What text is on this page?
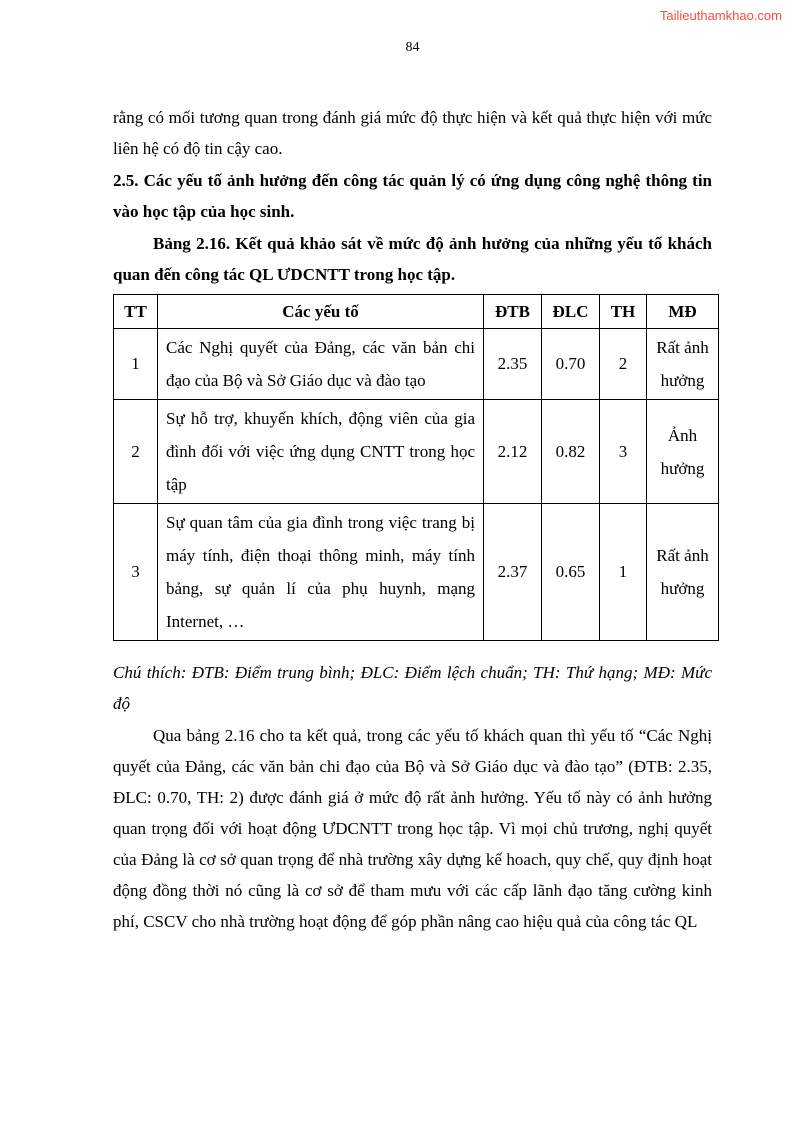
Tailieuthamkhao.com
84

rằng có mối tương quan trong đánh giá mức độ thực hiện và kết quả thực hiện với mức liên hệ có độ tin cậy cao.

2.5. Các yếu tố ảnh hưởng đến công tác quản lý có ứng dụng công nghệ thông tin vào học tập của học sinh.

Bảng 2.16. Kết quả khảo sát về mức độ ảnh hưởng của những yếu tố khách quan đến công tác QL ƯDCNTT trong học tập.

TT	Các yếu tố	ĐTB	ĐLC	TH	MĐ
1	Các Nghị quyết của Đảng, các văn bản chi đạo của Bộ và Sở Giáo dục và đào tạo	2.35	0.70	2	Rất ảnh hưởng
2	Sự hỗ trợ, khuyến khích, động viên của gia đình đối với việc ứng dụng CNTT trong học tập	2.12	0.82	3	Ảnh hưởng
3	Sự quan tâm của gia đình trong việc trang bị máy tính, điện thoại thông minh, máy tính bảng, sự quản lí của phụ huynh, mạng Internet, …	2.37	0.65	1	Rất ảnh hưởng

Chú thích: ĐTB: Điểm trung bình; ĐLC: Điểm lệch chuẩn; TH: Thứ hạng; MĐ: Mức độ

Qua bảng 2.16 cho ta kết quả, trong các yếu tố khách quan thì yếu tố “Các Nghị quyết của Đảng, các văn bản chi đạo của Bộ và Sở Giáo dục và đào tạo” (ĐTB: 2.35, ĐLC: 0.70, TH: 2) được đánh giá ở mức độ rất ảnh hưởng. Yếu tố này có ảnh hưởng quan trọng đối với hoạt động ƯDCNTT trong học tập. Vì mọi chủ trương, nghị quyết của Đảng là cơ sở quan trọng để nhà trường xây dựng kế hoach, quy chế, quy định hoạt động đồng thời nó cũng là cơ sở để tham mưu với các cấp lãnh đạo tăng cường kinh phí, CSCV cho nhà trường hoạt động để góp phần nâng cao hiệu quả của công tác QL
